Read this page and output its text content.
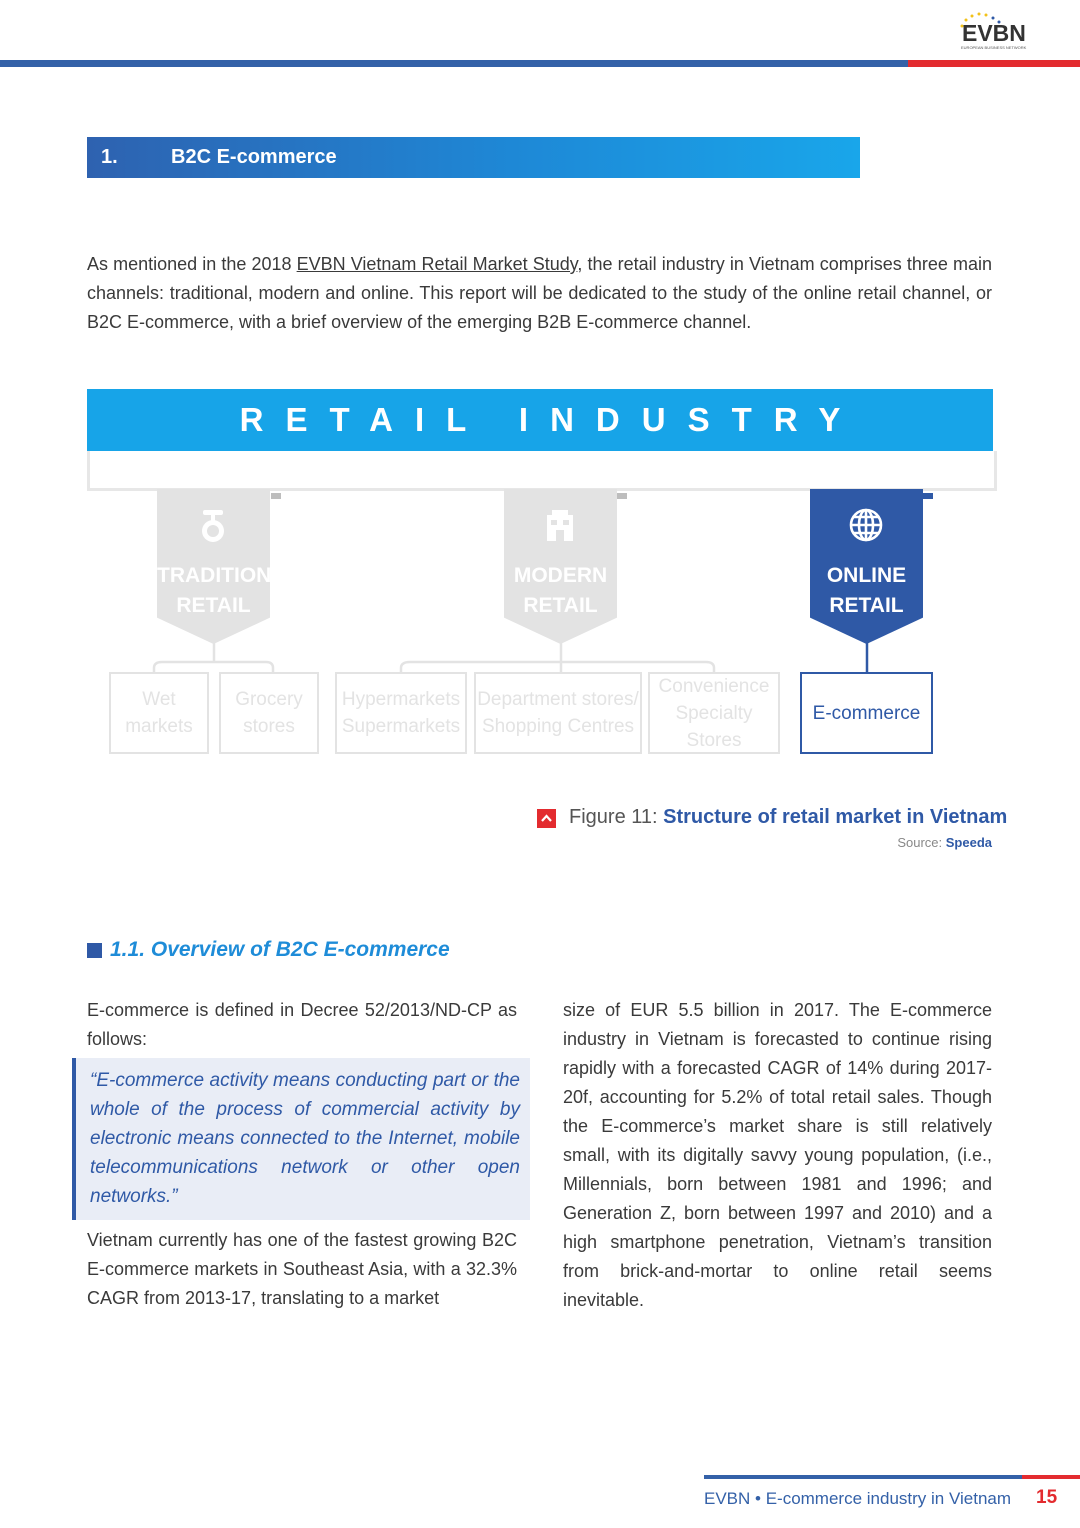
EVBN
EUROPEAN BUSINESS NETWORK
1.	B2C E-commerce
As mentioned in the 2018 EVBN Vietnam Retail Market Study, the retail industry in Vietnam comprises three main channels: traditional, modern and online. This report will be dedicated to the study of the online retail channel, or B2C E-commerce, with a brief overview of the emerging B2B E-commerce channel.
RETAIL INDUSTRY
TRADITIONAL
RETAIL
MODERN
RETAIL
ONLINE
RETAIL
Wet
markets
Grocery
stores
Hypermarkets
Supermarkets
Department stores/
Shopping Centres
Convenience
Specialty Stores
E-commerce
Figure 11: Structure of retail market in Vietnam
Source: Speeda
1.1. Overview of B2C E-commerce
E-commerce is defined in Decree 52/2013/ND-CP as follows:
“E-commerce activity means conducting part or the whole of the process of commercial activity by electronic means connected to the Internet, mobile telecommunications network or other open networks.”
Vietnam currently has one of the fastest growing B2C E-commerce markets in Southeast Asia, with a 32.3% CAGR from 2013-17, translating to a market
size of EUR 5.5 billion in 2017. The E-commerce industry in Vietnam is forecasted to continue rising rapidly with a forecasted CAGR of 14% during 2017-20f, accounting for 5.2% of total retail sales. Though the E-commerce’s market share is still relatively small, with its digitally savvy young population, (i.e., Millennials, born between 1981 and 1996; and Generation Z, born between 1997 and 2010) and a high smartphone penetration, Vietnam’s transition from brick-and-mortar to online retail seems inevitable.
EVBN • E-commerce industry in Vietnam 15
